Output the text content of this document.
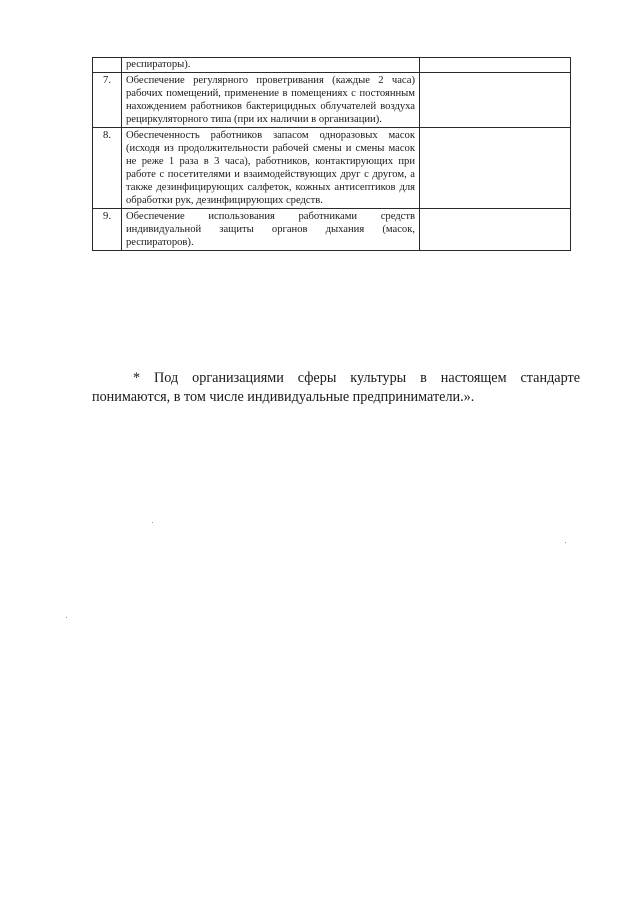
	респираторы).	
7.	Обеспечение регулярного проветривания (каждые 2 часа) рабочих помещений, применение в помещениях с постоянным нахождением работников бактерицидных облучателей воздуха рециркуляторного типа (при их наличии в организации).	
8.	Обеспеченность работников запасом одноразовых масок (исходя из продолжительности рабочей смены и смены масок не реже 1 раза в 3 часа), работников, контактирующих при работе с посетителями и взаимодействующих друг с другом, а также дезинфицирующих салфеток, кожных антисептиков для обработки рук, дезинфицирующих средств.	
9.	Обеспечение использования работниками средств индивидуальной защиты органов дыхания (масок, респираторов).	

* Под организациями сферы культуры в настоящем стандарте понимаются, в том числе индивидуальные предприниматели.».
